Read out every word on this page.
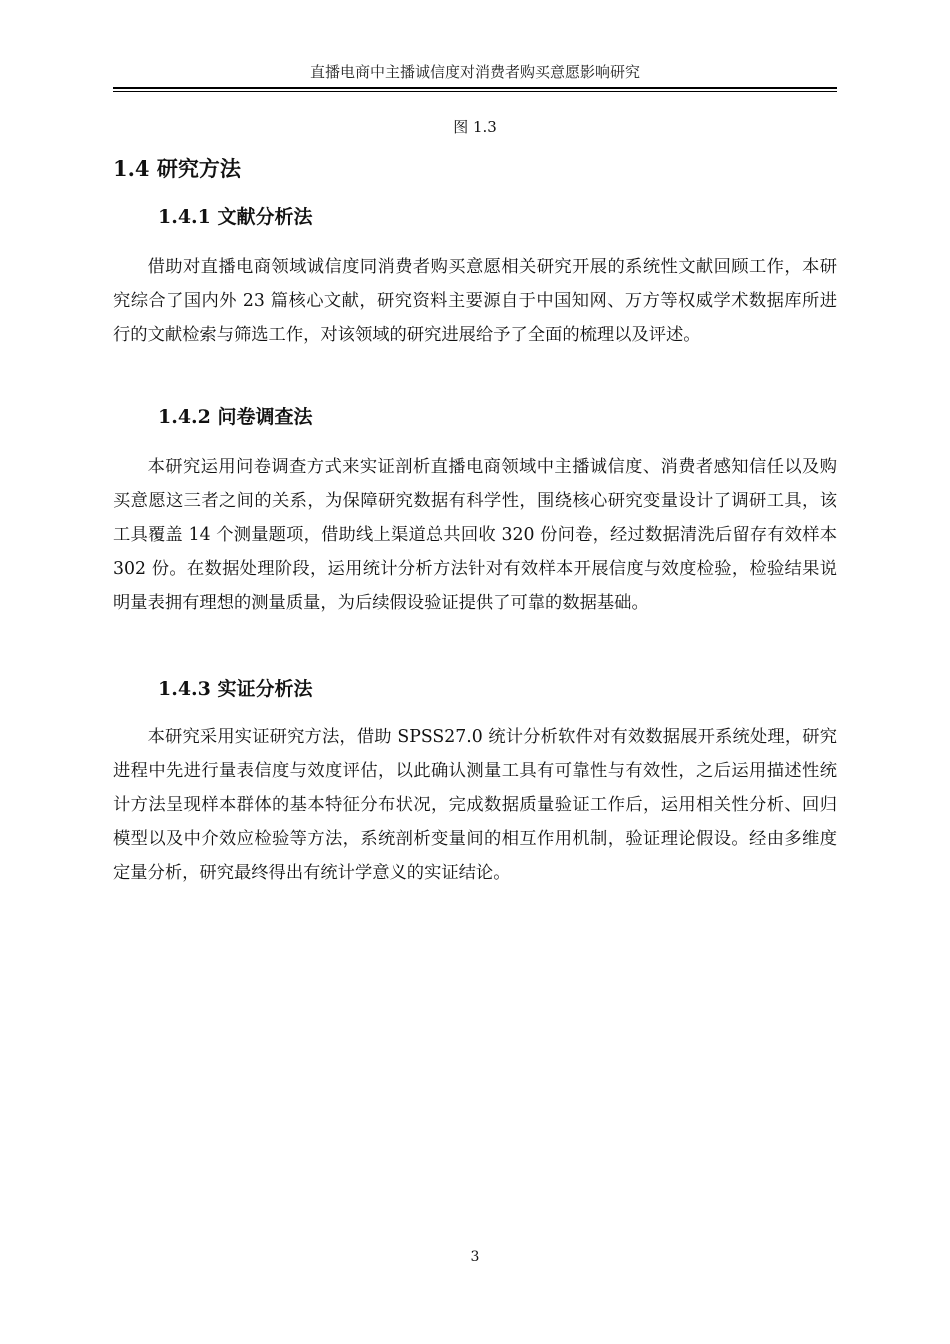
直播电商中主播诚信度对消费者购买意愿影响研究
图 1.3
1.4 研究方法
1.4.1 文献分析法
借助对直播电商领域诚信度同消费者购买意愿相关研究开展的系统性文献回顾工作，本研究综合了国内外 23 篇核心文献，研究资料主要源自于中国知网、万方等权威学术数据库所进行的文献检索与筛选工作，对该领域的研究进展给予了全面的梳理以及评述。
1.4.2 问卷调查法
本研究运用问卷调查方式来实证剖析直播电商领域中主播诚信度、消费者感知信任以及购买意愿这三者之间的关系，为保障研究数据有科学性，围绕核心研究变量设计了调研工具，该工具覆盖 14 个测量题项，借助线上渠道总共回收 320 份问卷，经过数据清洗后留存有效样本 302 份。在数据处理阶段，运用统计分析方法针对有效样本开展信度与效度检验，检验结果说明量表拥有理想的测量质量，为后续假设验证提供了可靠的数据基础。
1.4.3 实证分析法
本研究采用实证研究方法，借助 SPSS27.0 统计分析软件对有效数据展开系统处理，研究进程中先进行量表信度与效度评估，以此确认测量工具有可靠性与有效性，之后运用描述性统计方法呈现样本群体的基本特征分布状况，完成数据质量验证工作后，运用相关性分析、回归模型以及中介效应检验等方法，系统剖析变量间的相互作用机制，验证理论假设。经由多维度定量分析，研究最终得出有统计学意义的实证结论。
3
